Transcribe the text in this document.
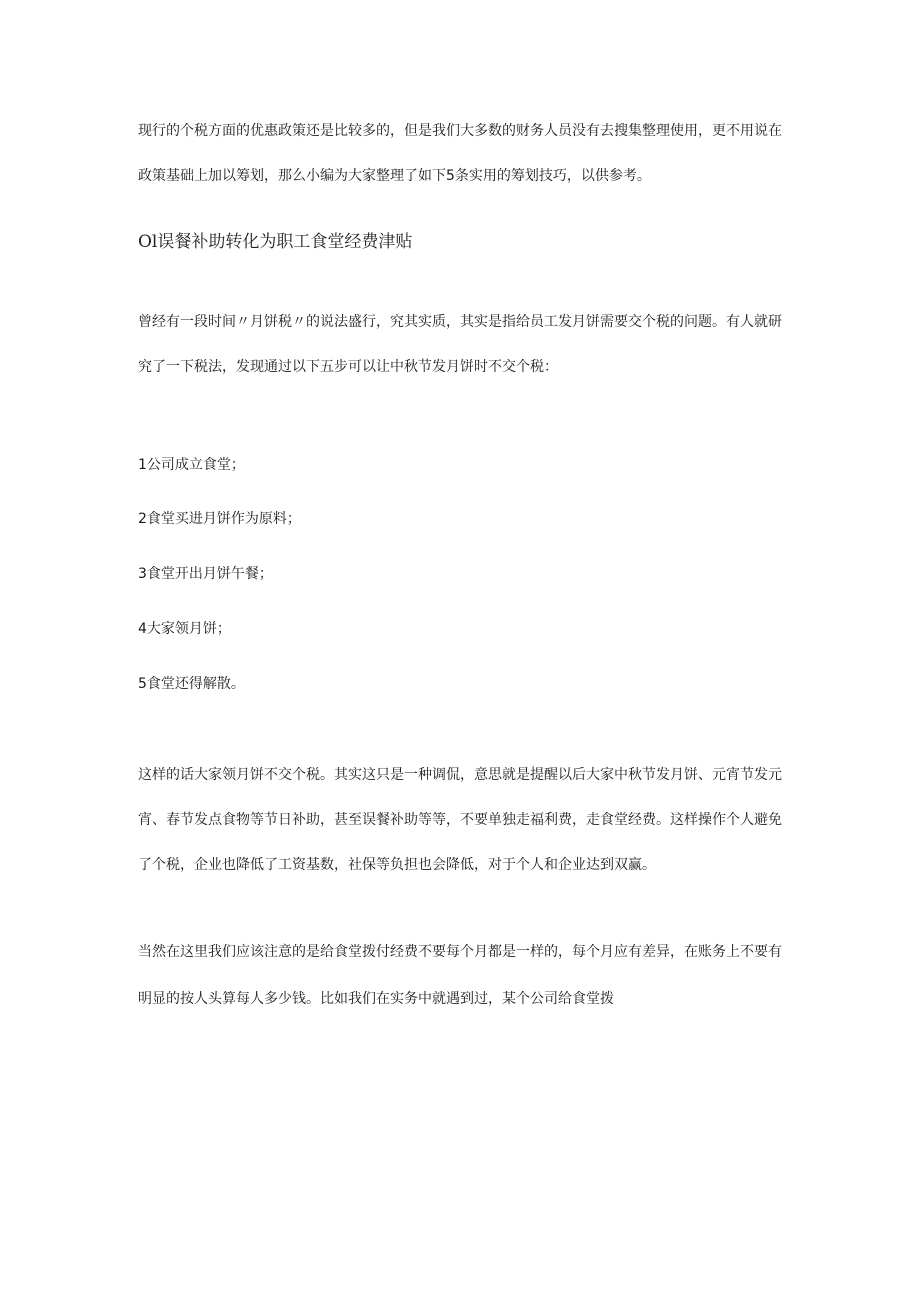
现行的个税方面的优惠政策还是比较多的，但是我们大多数的财务人员没有去搜集整理使用，更不用说在
政策基础上加以筹划，那么小编为大家整理了如下5条实用的筹划技巧，以供参考。
Ol误餐补助转化为职工食堂经费津贴
曾经有一段时间〃月饼税〃的说法盛行，究其实质，其实是指给员工发月饼需要交个税的问题。有人就研
究了一下税法，发现通过以下五步可以让中秋节发月饼时不交个税：
1公司成立食堂；
2食堂买进月饼作为原料；
3食堂开出月饼午餐；
4大家领月饼；
5食堂还得解散。
这样的话大家领月饼不交个税。其实这只是一种调侃，意思就是提醒以后大家中秋节发月饼、元宵节发元
宵、春节发点食物等节日补助，甚至误餐补助等等，不要单独走福利费，走食堂经费。这样操作个人避免
了个税，企业也降低了工资基数，社保等负担也会降低，对于个人和企业达到双赢。
当然在这里我们应该注意的是给食堂拨付经费不要每个月都是一样的，每个月应有差异，在账务上不要有
明显的按人头算每人多少钱。比如我们在实务中就遇到过，某个公司给食堂拨
